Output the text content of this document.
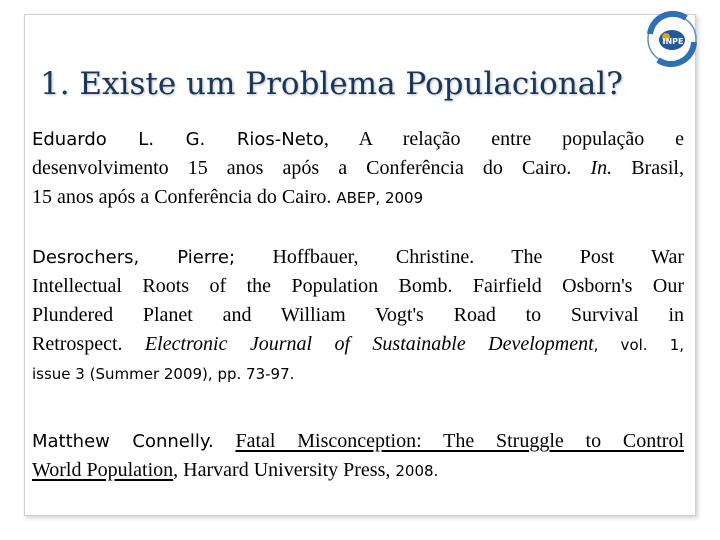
INPE
1. Existe um Problema Populacional?
Eduardo L. G. Rios-Neto, A relação entre população e
desenvolvimento 15 anos após a Conferência do Cairo. In. Brasil,
15 anos após a Conferência do Cairo. ABEP, 2009
Desrochers, Pierre; Hoffbauer, Christine. The Post War
Intellectual Roots of the Population Bomb. Fairfield Osborn's Our
Plundered Planet and William Vogt's Road to Survival in
Retrospect. Electronic Journal of Sustainable Development, vol. 1,
issue 3 (Summer 2009), pp. 73-97.
Matthew Connelly. Fatal Misconception: The Struggle to Control
World Population, Harvard University Press, 2008.
